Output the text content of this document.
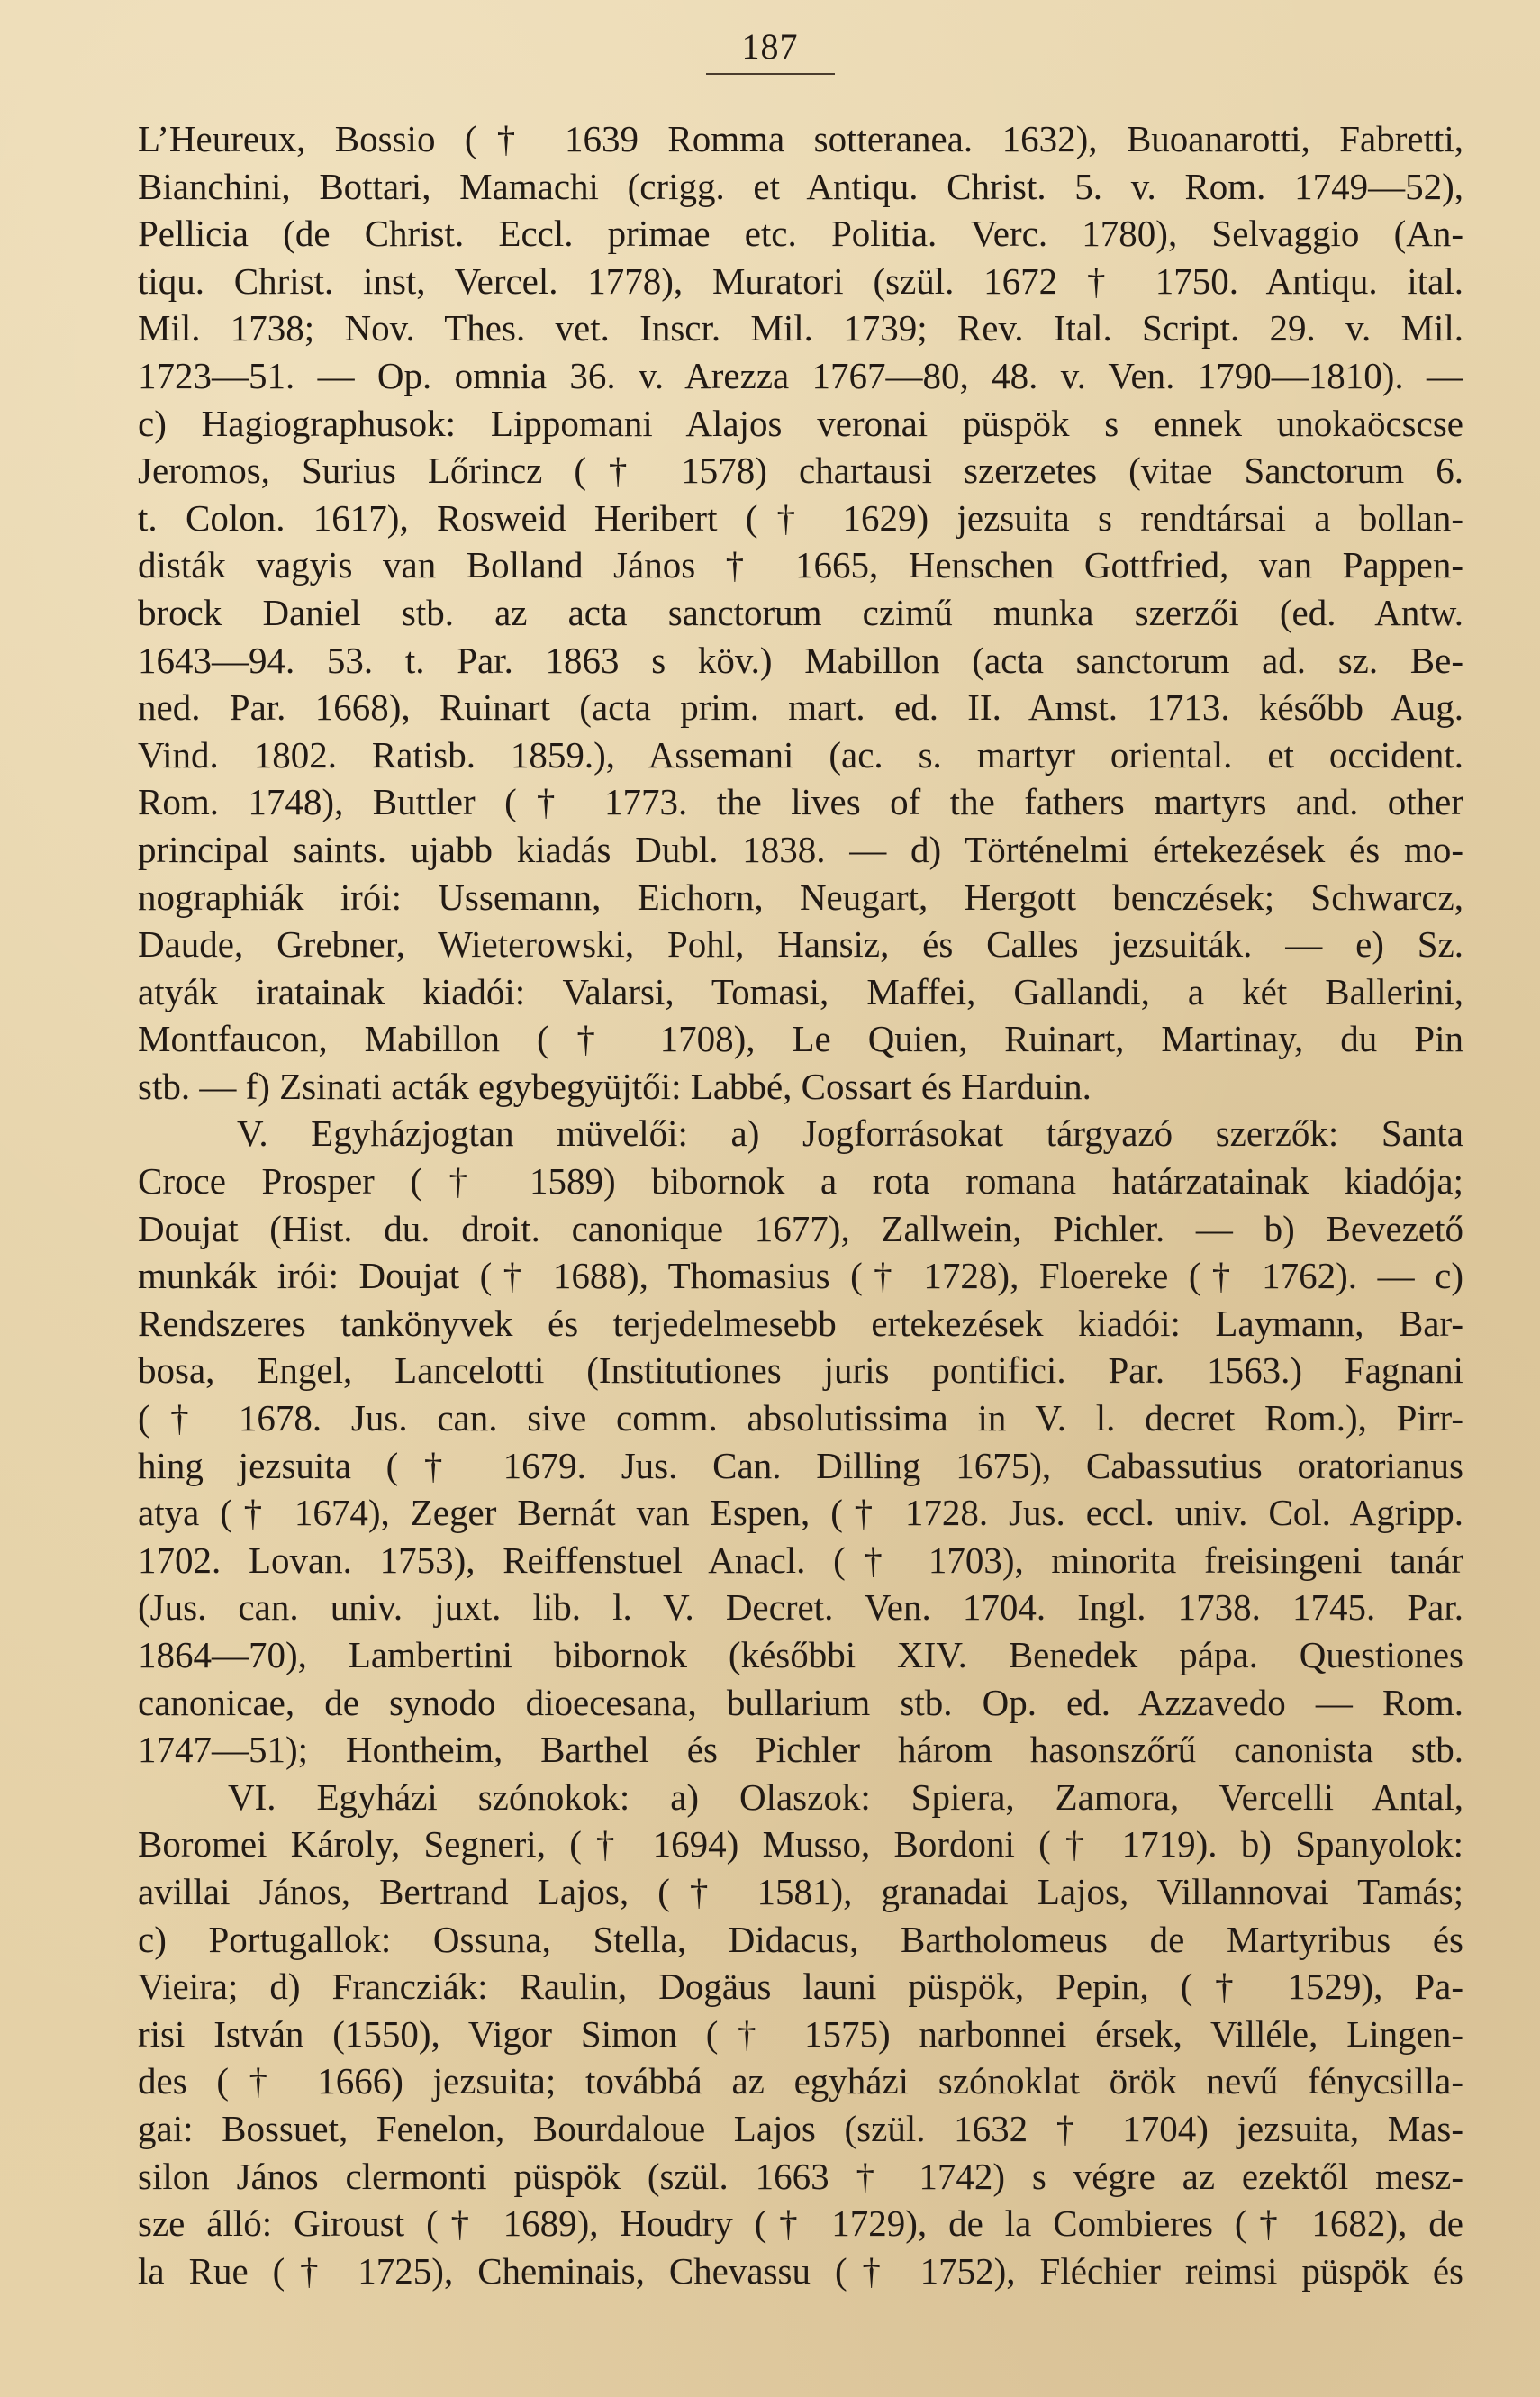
187
L’Heureux, Bossio († 1639 Romma sotteranea. 1632), Buoanarotti, Fabretti,
Bianchini, Bottari, Mamachi (crigg. et Antiqu. Christ. 5. v. Rom. 1749—52),
Pellicia (de Christ. Eccl. primae etc. Politia. Verc. 1780), Selvaggio (An-
tiqu. Christ. inst, Vercel. 1778), Muratori (szül. 1672 † 1750. Antiqu. ital.
Mil. 1738; Nov. Thes. vet. Inscr. Mil. 1739; Rev. Ital. Script. 29. v. Mil.
1723—51. — Op. omnia 36. v. Arezza 1767—80, 48. v. Ven. 1790—1810). —
c) Hagiographusok: Lippomani Alajos veronai püspök s ennek unokaöcscse
Jeromos, Surius Lőrincz († 1578) chartausi szerzetes (vitae Sanctorum 6.
t. Colon. 1617), Rosweid Heribert († 1629) jezsuita s rendtársai a bollan-
disták vagyis van Bolland János † 1665, Henschen Gottfried, van Pappen-
brock Daniel stb. az acta sanctorum czimű munka szerzői (ed. Antw.
1643—94. 53. t. Par. 1863 s köv.) Mabillon (acta sanctorum ad. sz. Be-
ned. Par. 1668), Ruinart (acta prim. mart. ed. II. Amst. 1713. később Aug.
Vind. 1802. Ratisb. 1859.), Assemani (ac. s. martyr oriental. et occident.
Rom. 1748), Buttler († 1773. the lives of the fathers martyrs and. other
principal saints. ujabb kiadás Dubl. 1838. — d) Történelmi értekezések és mo-
nographiák irói: Ussemann, Eichorn, Neugart, Hergott benczések; Schwarcz,
Daude, Grebner, Wieterowski, Pohl, Hansiz, és Calles jezsuiták. — e) Sz.
atyák iratainak kiadói: Valarsi, Tomasi, Maffei, Gallandi, a két Ballerini,
Montfaucon, Mabillon († 1708), Le Quien, Ruinart, Martinay, du Pin
stb. — f) Zsinati acták egybegyüjtői: Labbé, Cossart és Harduin.
V. Egyházjogtan müvelői: a) Jogforrásokat tárgyazó szerzők: Santa
Croce Prosper († 1589) bibornok a rota romana határzatainak kiadója;
Doujat (Hist. du. droit. canonique 1677), Zallwein, Pichler. — b) Bevezető
munkák irói: Doujat († 1688), Thomasius († 1728), Floereke († 1762). — c)
Rendszeres tankönyvek és terjedelmesebb ertekezések kiadói: Laymann, Bar-
bosa, Engel, Lancelotti (Institutiones juris pontifici. Par. 1563.) Fagnani
(† 1678. Jus. can. sive comm. absolutissima in V. l. decret Rom.), Pirr-
hing jezsuita († 1679. Jus. Can. Dilling 1675), Cabassutius oratorianus
atya († 1674), Zeger Bernát van Espen, († 1728. Jus. eccl. univ. Col. Agripp.
1702. Lovan. 1753), Reiffenstuel Anacl. († 1703), minorita freisingeni tanár
(Jus. can. univ. juxt. lib. l. V. Decret. Ven. 1704. Ingl. 1738. 1745. Par.
1864—70), Lambertini bibornok (későbbi XIV. Benedek pápa. Questiones
canonicae, de synodo dioecesana, bullarium stb. Op. ed. Azzavedo — Rom.
1747—51); Hontheim, Barthel és Pichler három hasonszőrű canonista stb.
VI. Egyházi szónokok: a) Olaszok: Spiera, Zamora, Vercelli Antal,
Boromei Károly, Segneri, († 1694) Musso, Bordoni († 1719). b) Spanyolok:
avillai János, Bertrand Lajos, († 1581), granadai Lajos, Villannovai Tamás;
c) Portugallok: Ossuna, Stella, Didacus, Bartholomeus de Martyribus és
Vieira; d) Francziák: Raulin, Dogäus launi püspök, Pepin, († 1529), Pa-
risi István (1550), Vigor Simon († 1575) narbonnei érsek, Villéle, Lingen-
des († 1666) jezsuita; továbbá az egyházi szónoklat örök nevű fénycsilla-
gai: Bossuet, Fenelon, Bourdaloue Lajos (szül. 1632 † 1704) jezsuita, Mas-
silon János clermonti püspök (szül. 1663 † 1742) s végre az ezektől mesz-
sze álló: Giroust († 1689), Houdry († 1729), de la Combieres († 1682), de
la Rue († 1725), Cheminais, Chevassu († 1752), Fléchier reimsi püspök és
